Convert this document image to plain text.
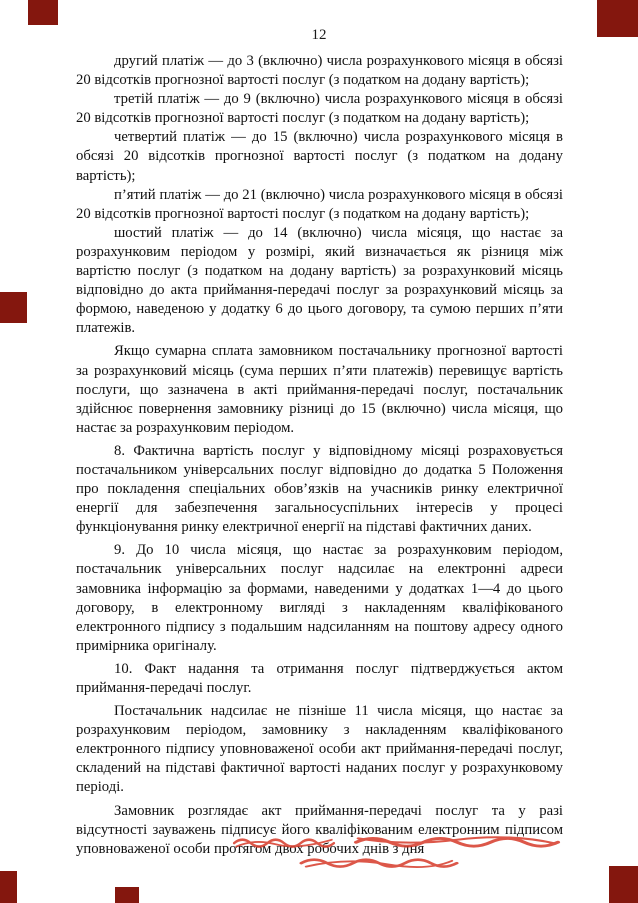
12

другий платіж — до 3 (включно) числа розрахункового місяця в обсязі 20 відсотків прогнозної вартості послуг (з податком на додану вартість);

третій платіж — до 9 (включно) числа розрахункового місяця в обсязі 20 відсотків прогнозної вартості послуг (з податком на додану вартість);

четвертий платіж — до 15 (включно) числа розрахункового місяця в обсязі 20 відсотків прогнозної вартості послуг (з податком на додану вартість);

п’ятий платіж — до 21 (включно) числа розрахункового місяця в обсязі 20 відсотків прогнозної вартості послуг (з податком на додану вартість);

шостий платіж — до 14 (включно) числа місяця, що настає за розрахунковим періодом у розмірі, який визначається як різниця між вартістю послуг (з податком на додану вартість) за розрахунковий місяць відповідно до акта приймання-передачі послуг за розрахунковий місяць за формою, наведеною у додатку 6 до цього договору, та сумою перших п’яти платежів.

Якщо сумарна сплата замовником постачальнику прогнозної вартості за розрахунковий місяць (сума перших п’яти платежів) перевищує вартість послуги, що зазначена в акті приймання-передачі послуг, постачальник здійснює повернення замовнику різниці до 15 (включно) числа місяця, що настає за розрахунковим періодом.

8. Фактична вартість послуг у відповідному місяці розраховується постачальником універсальних послуг відповідно до додатка 5 Положення про покладення спеціальних обов’язків на учасників ринку електричної енергії для забезпечення загальносуспільних інтересів у процесі функціонування ринку електричної енергії на підставі фактичних даних.

9. До 10 числа місяця, що настає за розрахунковим періодом, постачальник універсальних послуг надсилає на електронні адреси замовника інформацію за формами, наведеними у додатках 1—4 до цього договору, в електронному вигляді з накладенням кваліфікованого електронного підпису з подальшим надсиланням на поштову адресу одного примірника оригіналу.

10. Факт надання та отримання послуг підтверджується актом приймання-передачі послуг.

Постачальник надсилає не пізніше 11 числа місяця, що настає за розрахунковим періодом, замовнику з накладенням кваліфікованого електронного підпису уповноваженої особи акт приймання-передачі послуг, складений на підставі фактичної вартості наданих послуг у розрахунковому періоді.

Замовник розглядає акт приймання-передачі послуг та у разі відсутності зауважень підписує його кваліфікованим електронним підписом уповноваженої особи протягом двох робочих днів з дня
